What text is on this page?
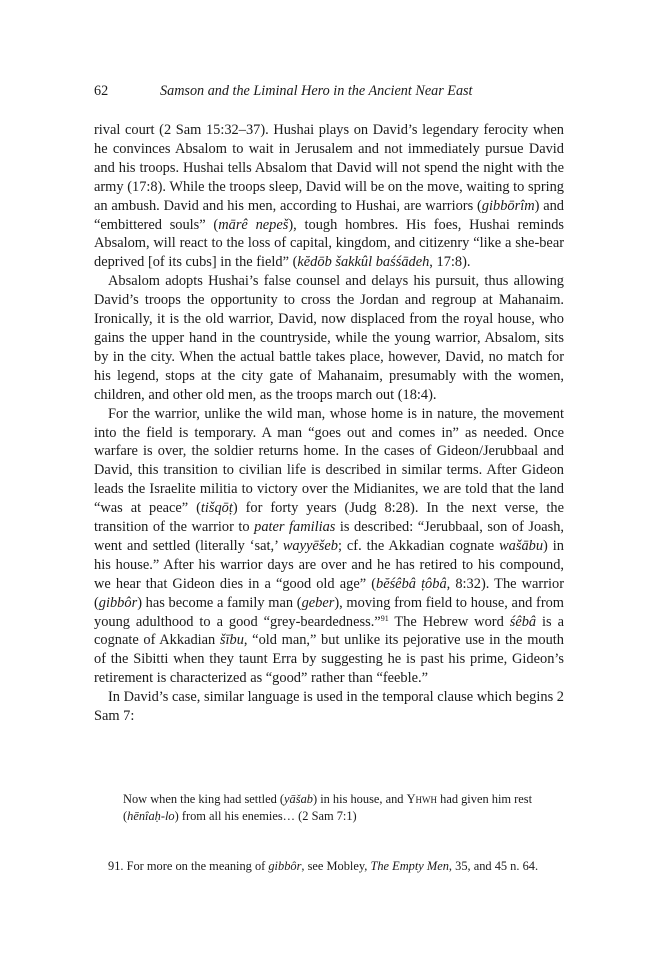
62	Samson and the Liminal Hero in the Ancient Near East

rival court (2 Sam 15:32–37). Hushai plays on David’s legendary ferocity when he convinces Absalom to wait in Jerusalem and not immediately pursue David and his troops. Hushai tells Absalom that David will not spend the night with the army (17:8). While the troops sleep, David will be on the move, waiting to spring an ambush. David and his men, according to Hushai, are warriors (gibbōrîm) and “embittered souls” (mārê nepeš), tough hombres. His foes, Hushai reminds Absalom, will react to the loss of capital, kingdom, and citizenry “like a she-bear deprived [of its cubs] in the field” (kĕdōb šakkûl baśśādeh, 17:8).

Absalom adopts Hushai’s false counsel and delays his pursuit, thus allowing David’s troops the opportunity to cross the Jordan and regroup at Mahanaim. Ironically, it is the old warrior, David, now displaced from the royal house, who gains the upper hand in the countryside, while the young warrior, Absalom, sits by in the city. When the actual battle takes place, however, David, no match for his legend, stops at the city gate of Mahanaim, presumably with the women, children, and other old men, as the troops march out (18:4).

For the warrior, unlike the wild man, whose home is in nature, the movement into the field is temporary. A man “goes out and comes in” as needed. Once warfare is over, the soldier returns home. In the cases of Gideon/Jerubbaal and David, this transition to civilian life is described in similar terms. After Gideon leads the Israelite militia to victory over the Midianites, we are told that the land “was at peace” (tišqōṭ) for forty years (Judg 8:28). In the next verse, the transition of the warrior to pater familias is described: “Jerubbaal, son of Joash, went and settled (literally ‘sat,’ wayyēšeb; cf. the Akkadian cognate wašābu) in his house.” After his warrior days are over and he has retired to his compound, we hear that Gideon dies in a “good old age” (bĕśêbâ ṭôbâ, 8:32). The warrior (gibbôr) has become a family man (geber), moving from field to house, and from young adulthood to a good “grey-beardedness.”$^{91}$ The Hebrew word śêbâ is a cognate of Akkadian šību, “old man,” but unlike its pejorative use in the mouth of the Sibitti when they taunt Erra by suggesting he is past his prime, Gideon’s retirement is characterized as “good” rather than “feeble.”

In David’s case, similar language is used in the temporal clause which begins 2 Sam 7:

Now when the king had settled (yāšab) in his house, and Yhwh had given him rest (hēnîaḥ-lo) from all his enemies… (2 Sam 7:1)

91. For more on the meaning of gibbôr, see Mobley, The Empty Men, 35, and 45 n. 64.
